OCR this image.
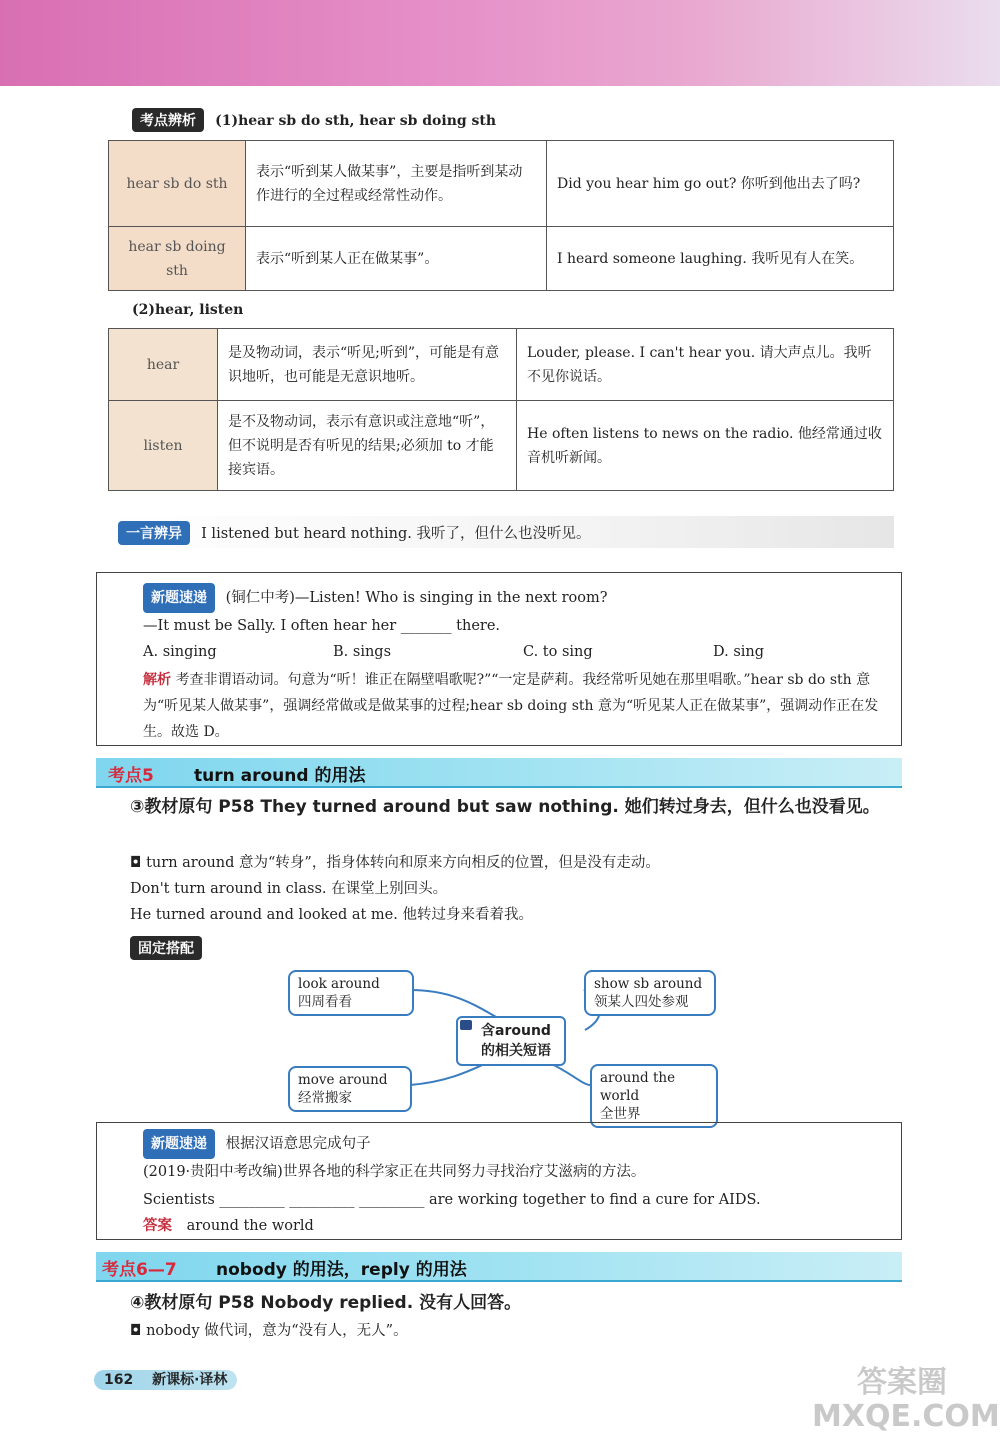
考点辨析 (1)hear sb do sth, hear sb doing sth
hear sb do sth	表示“听到某人做某事”，主要是指听到某动作进行的全过程或经常性动作。	Did you hear him go out? 你听到他出去了吗?
hear sb doing sth	表示“听到某人正在做某事”。	I heard someone laughing. 我听见有人在笑。
(2)hear, listen
hear	是及物动词，表示“听见;听到”，可能是有意识地听，也可能是无意识地听。	Louder, please. I can't hear you. 请大声点儿。我听不见你说话。
listen	是不及物动词，表示有意识或注意地“听”，但不说明是否有听见的结果;必须加 to 才能接宾语。	He often listens to news on the radio. 他经常通过收音机听新闻。
一言辨异 I listened but heard nothing. 我听了，但什么也没听见。
新题速递 (铜仁中考)—Listen! Who is singing in the next room?
—It must be Sally. I often hear her _______ there.
A. singing	B. sings	C. to sing	D. sing
解析 考查非谓语动词。句意为“听！谁正在隔壁唱歌呢?”“一定是萨莉。我经常听见她在那里唱歌。”hear sb do sth 意为“听见某人做某事”，强调经常做或是做某事的过程;hear sb doing sth 意为“听见某人正在做某事”，强调动作正在发生。故选 D。
考点5 turn around 的用法
③教材原句 P58 They turned around but saw nothing. 她们转过身去，但什么也没看见。
◘ turn around 意为“转身”，指身体转向和原来方向相反的位置，但是没有走动。
Don't turn around in class. 在课堂上别回头。
He turned around and looked at me. 他转过身来看着我。
固定搭配
look around
四周看看
show sb around
领某人四处参观
含around
的相关短语
move around
经常搬家
around the world
全世界
新题速递 根据汉语意思完成句子
(2019·贵阳中考改编)世界各地的科学家正在共同努力寻找治疗艾滋病的方法。
Scientists _________ _________ _________ are working together to find a cure for AIDS.
答案 around the world
考点6—7 nobody 的用法，reply 的用法
④教材原句 P58 Nobody replied. 没有人回答。
◘ nobody 做代词，意为“没有人，无人”。
162 新课标·译林	答案圈 MXQE.COM
